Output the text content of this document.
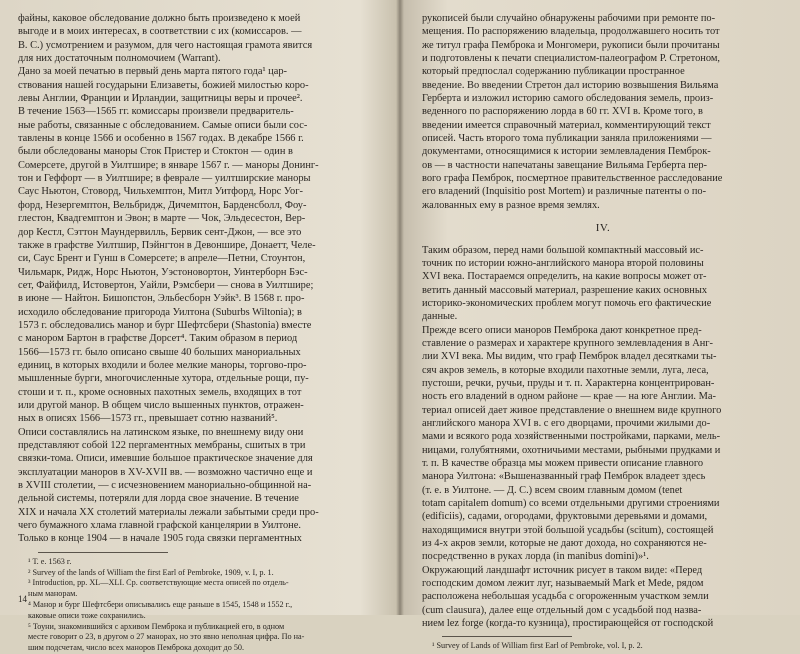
файны, каковое обследование должно быть произведено к моей
выгоде и в моих интересах, в соответствии с их (комиссаров. —
В. С.) усмотрением и разумом, для чего настоящая грамота явится
для них достаточным полномочием (Warrant).
Дано за моей печатью в первый день марта пятого года¹ цар-
ствования нашей государыни Елизаветы, божией милостью коро-
левы Англии, Франции и Ирландии, защитницы веры и прочее².
В течение 1563—1565 гг. комиссары произвели предваритель-
ные работы, связанные с обследованием. Самые описи были сос-
тавлены в конце 1566 и особенно в 1567 годах. В декабре 1566 г.
были обследованы маноры Сток Пристер и Стоктон — один в
Сомерсете, другой в Уилтшире; в январе 1567 г. — маноры Донинг-
тон и Геффорт — в Уилтшире; в феврале — уилтширские маноры
Саус Ньютон, Стоворд, Чильхемптон, Митл Уитфорд, Норс Уог-
форд, Незергемптон, Вельбридж, Дичемптон, Барденсболл, Фоу-
глестон, Квадгемптон и Эвон; в марте — Чок, Эльдесестон, Вер-
дор Кестл, Сэттон Маундервилль, Бервик сент-Джон, — все это
также в графстве Уилтшир, Пэйнгтон в Девоншире, Донаетт, Челе-
си, Саус Брент и Гунш в Сомерсете; в апреле—Петни, Стоунтон,
Чильмарк, Ридж, Норс Ньютон, Уэстоновортон, Уинтерборн Бэс-
сет, Файфилд, Истовертон, Уайли, Рэмсбери — снова в Уилтшире;
в июне — Найтон. Бишопстон, Эльбесборн Уэйк³. В 1568 г. про-
исходило обследование пригорода Уилтона (Suburbs Wiltonia); в
1573 г. обследовались манор и бург Шефтсбери (Shastonia) вместе
с манором Бартон в графстве Дорсет⁴. Таким образом в период
1566—1573 гг. было описано свыше 40 больших манориальных
единиц, в которых входили и более мелкие маноры, торгово-про-
мышленные бурги, многочисленные хутора, отдельные рощи, пу-
стоши и т. п., кроме основных пахотных земель, входящих в тот
или другой манор. В общем число вышенных пунктов, отражен-
ных в описях 1566—1573 гг., превышает сотню названий⁵.
Описи составлялись на латинском языке, по внешнему виду они
представляют собой 122 пергаментных мембраны, сшитых в три
связки-тома. Описи, имевшие большое практическое значение для
эксплуатации маноров в XV-XVII вв. — возможно частично еще и
в XVIII столетии, — с исчезновением манориально-общинной на-
дельной системы, потеряли для лорда свое значение. В течение
XIX и начала XX столетий материалы лежали забытыми среди про-
чего бумажного хлама главной графской канцелярии в Уилтоне.
Только в конце 1904 — в начале 1905 года связки пергаментных
¹ Т. е. 1563 г.
² Survey of the lands of William the first Earl of Pembroke, 1909, v. I, p. 1.
³ Introduction, pp. XL—XLI. Ср. соответствующие места описей по отдель-
ным манорам.
⁴ Манор и бург Шефтсбери описывались еще раньше в 1545, 1548 и 1552 г.,
каковые описи тоже сохранились.
⁵ Тоуни, знакомившийся с архивом Пемброка и публикацией его, в одном
месте говорит о 23, в другом о 27 манорах, но это явно неполная цифра. По на-
шим подсчетам, число всех маноров Пемброка доходит до 50.
14
рукописей были случайно обнаружены рабочими при ремонте по-
мещения. По распоряжению владельца, продолжавшего носить тот
же титул графа Пемброка и Монгомери, рукописи были прочитаны
и подготовлены к печати специалистом-палеографом Р. Стретоном,
который предпослал содержанию публикации пространное
введение. Во введении Стретон дал историю возвышения Вильяма
Герберта и изложил историю самого обследования земель, произ-
веденного по распоряжению лорда в 60 гг. XVI в. Кроме того, в
введении имеется справочный материал, комментирующий текст
описей. Часть второго тома публикации заняла приложениями —
документами, относящимися к истории землевладения Пемброк-
ов — в частности напечатаны завещание Вильяма Герберта пер-
вого графа Пемброк, посмертное правительственное расследование
его владений (Inquisitio post Mortem) и различные патенты о по-
жалованных ему в разное время землях.
IV.
Таким образом, перед нами большой компактный массовый ис-
точник по истории южно-английского манора второй половины
XVI века. Постараемся определить, на какие вопросы может от-
ветить данный массовый материал, разрешение каких основных
историко-экономических проблем могут помочь его фактические
данные.
Прежде всего описи маноров Пемброка дают конкретное пред-
ставление о размерах и характере крупного землевладения в Анг-
лии XVI века. Мы видим, что граф Пемброк владел десятками ты-
сяч акров земель, в которые входили пахотные земли, луга, леса,
пустоши, речки, ручьи, пруды и т. п. Характерна концентрирован-
ность его владений в одном районе — крае — на юге Англии. Ма-
териал описей дает живое представление о внешнем виде крупного
английского манора XVI в. с его дворцами, прочими жилыми до-
мами и всякого рода хозяйственными постройками, парками, мель-
ницами, голубятнями, охотничьими местами, рыбными прудками и
т. п. В качестве образца мы можем привести описание главного
манора Уилтона: «Вышеназванный граф Пемброк владеет здесь
(т. е. в Уилтоне. — Д. С.) всем своим главным домом (tenet
totam capitalem domum) со всеми отдельными другими строениями
(edificiis), садами, огородами, фруктовыми деревьями и домами,
находящимися внутри этой большой усадьбы (scitum), состоящей
из 4-х акров земли, которые не дают дохода, но сохраняются не-
посредственно в руках лорда (in manibus domini)»¹.
Окружающий ландшафт источник рисует в таком виде: «Перед
господским домом лежит луг, называемый Mark et Mede, рядом
расположена небольшая усадьба с огороженным участком земли
(cum clausura), далее еще отдельный дом с усадьбой под назва-
нием lez forge (когда-то кузница), простирающейся от господской
¹ Survey of Lands of William first Earl of Pembroke, vol. I, p. 2.
